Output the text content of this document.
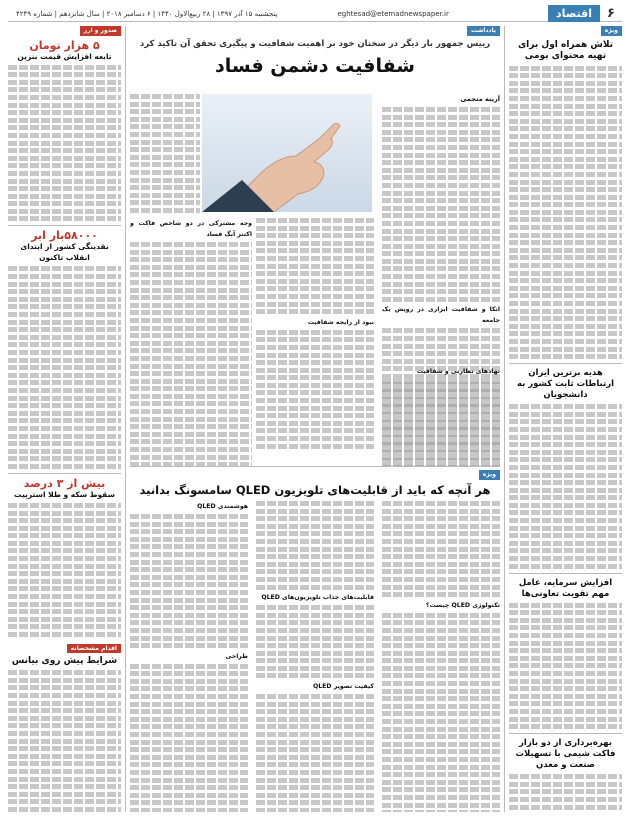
۶
اقتصاد
eghtesad@etemadnewspaper.ir
پنجشنبه ۱۵ آذر ۱۳۹۷ | ۲۸ ربیع‌الاول ۱۴۴۰ | ۶ دسامبر ۲۰۱۸ | سال شانزدهم | شماره ۴۲۴۹
ویژه
تلاش همراه اول برای تهیه محتوای بومی
هدیه برترین ایران ارتباطات ثابت کشور به دانشجویان
افزایش سرمایه، عامل مهم تقویت تعاونی‌ها
بهره‌برداری از دو بازار فاکت شیمی با تسهیلات صنعت و معدن
صدور و ارز
۵ هزار تومان
تابعه افزایش قیمت بنزین
۵۸۰۰۰بار ابر
نقدینگی کشور از ابتدای انقلاب تاکنون
بیش از ۳ درصد
سقوط سکه و طلا استرپیت
اقدام مشخصانه
شرایط پیش روی بیانس
یادداشت
رییس جمهور بار دیگر در سخنان خود بر اهمیت شفافیت و پیگیری تحقق آن تاکید کرد
شفافیت دشمن فساد
آرینه منجمی
اتکا و شفافیت ابزاری در رویش یک جامعه
وجه مشترکی در دو شاخص فاکت و اکتنز آبگ فساد
نبود از زایجه شفافیت
نهادهای نظارتی و شفافیت
ویژه
هر آنچه که باید از قابلیت‌های تلویزیون QLED سامسونگ بدانید
تکنولوژی QLED چیست؟
قابلیت‌های جذاب تلویزیون‌های QLED
کیفیت تصویر QLED
هوشمندی QLED
طراحی
